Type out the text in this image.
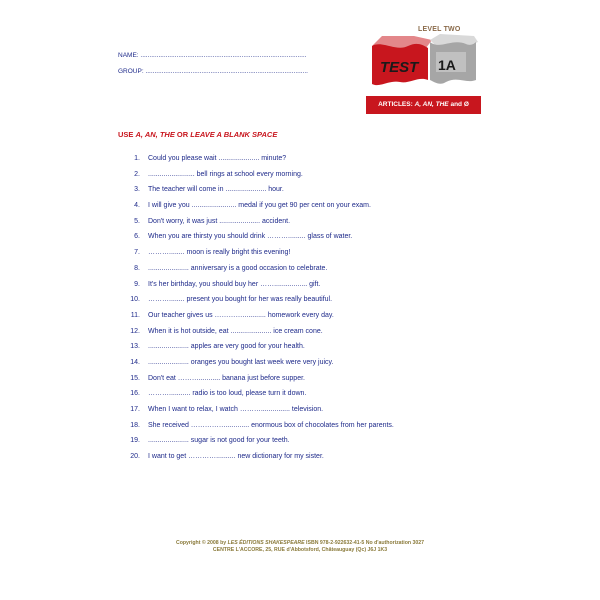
NAME: ............................................................................................
GROUP: ..........................................................................................
LEVEL TWO
TEST 1A
ARTICLES: A, AN, THE and Ø
USE A, AN, THE OR LEAVE A BLANK SPACE
1. Could you please wait ..................... minute?
2. ........................ bell rings at school every morning.
3. The teacher will come in ..................... hour.
4. I will give you ....................... medal if you get 90 per cent on your exam.
5. Don't worry, it was just ..................... accident.
6. When you are thirsty you should drink ………......... glass of water.
7. ………........ moon is really bright this evening!
8. ..................... anniversary is a good occasion to celebrate.
9. It's her birthday, you should buy her ……................. gift.
10. ………........ present you bought for her was really beautiful.
11. Our teacher gives us …………............ homework every day.
12. When it is hot outside, eat ..................... ice cream cone.
13. ..................... apples are very good for your health.
14. ..................... oranges you bought last week were very juicy.
15. Don't eat ………........... banana just before supper.
16. ………........... radio is too loud, please turn it down.
17. When I want to relax, I watch ………............... television.
18. She received ……………............ enormous box of chocolates from her parents.
19. ..................... sugar is not good for your teeth.
20. I want to get ………….......... new dictionary for my sister.
Copyright © 2008 by LES ÉDITIONS SHAKESPEARE ISBN 978-2-922632-41-5 No d'authorization 3027
CENTRE L'ACCORE, 25, RUE d'Abbotsford, Châteauguay (Qc) J6J 1K3
